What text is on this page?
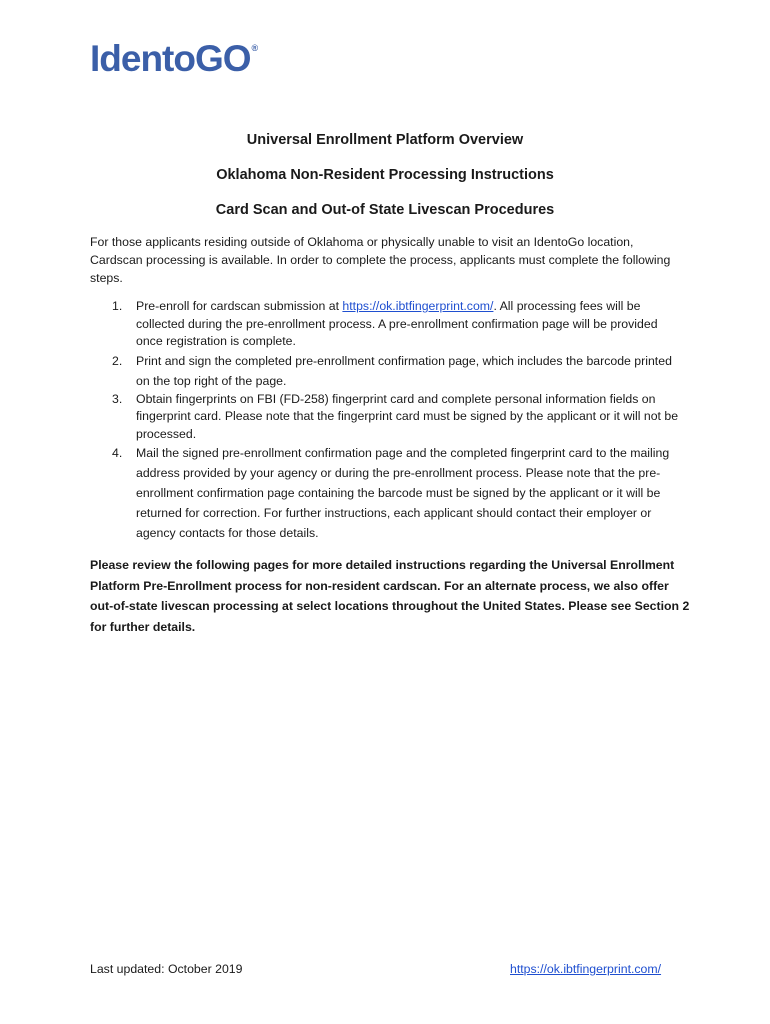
IdentoGO®
Universal Enrollment Platform Overview
Oklahoma Non-Resident Processing Instructions
Card Scan and Out-of State Livescan Procedures

For those applicants residing outside of Oklahoma or physically unable to visit an IdentoGo location, Cardscan processing is available. In order to complete the process, applicants must complete the following steps.

1. Pre-enroll for cardscan submission at https://ok.ibtfingerprint.com/. All processing fees will be collected during the pre-enrollment process. A pre-enrollment confirmation page will be provided once registration is complete.
2. Print and sign the completed pre-enrollment confirmation page, which includes the barcode printed on the top right of the page.
3. Obtain fingerprints on FBI (FD-258) fingerprint card and complete personal information fields on fingerprint card. Please note that the fingerprint card must be signed by the applicant or it will not be processed.
4. Mail the signed pre-enrollment confirmation page and the completed fingerprint card to the mailing address provided by your agency or during the pre-enrollment process. Please note that the pre-enrollment confirmation page containing the barcode must be signed by the applicant or it will be returned for correction. For further instructions, each applicant should contact their employer or agency contacts for those details.

Please review the following pages for more detailed instructions regarding the Universal Enrollment Platform Pre-Enrollment process for non-resident cardscan. For an alternate process, we also offer out-of-state livescan processing at select locations throughout the United States. Please see Section 2 for further details.

Last updated: October 2019	https://ok.ibtfingerprint.com/
